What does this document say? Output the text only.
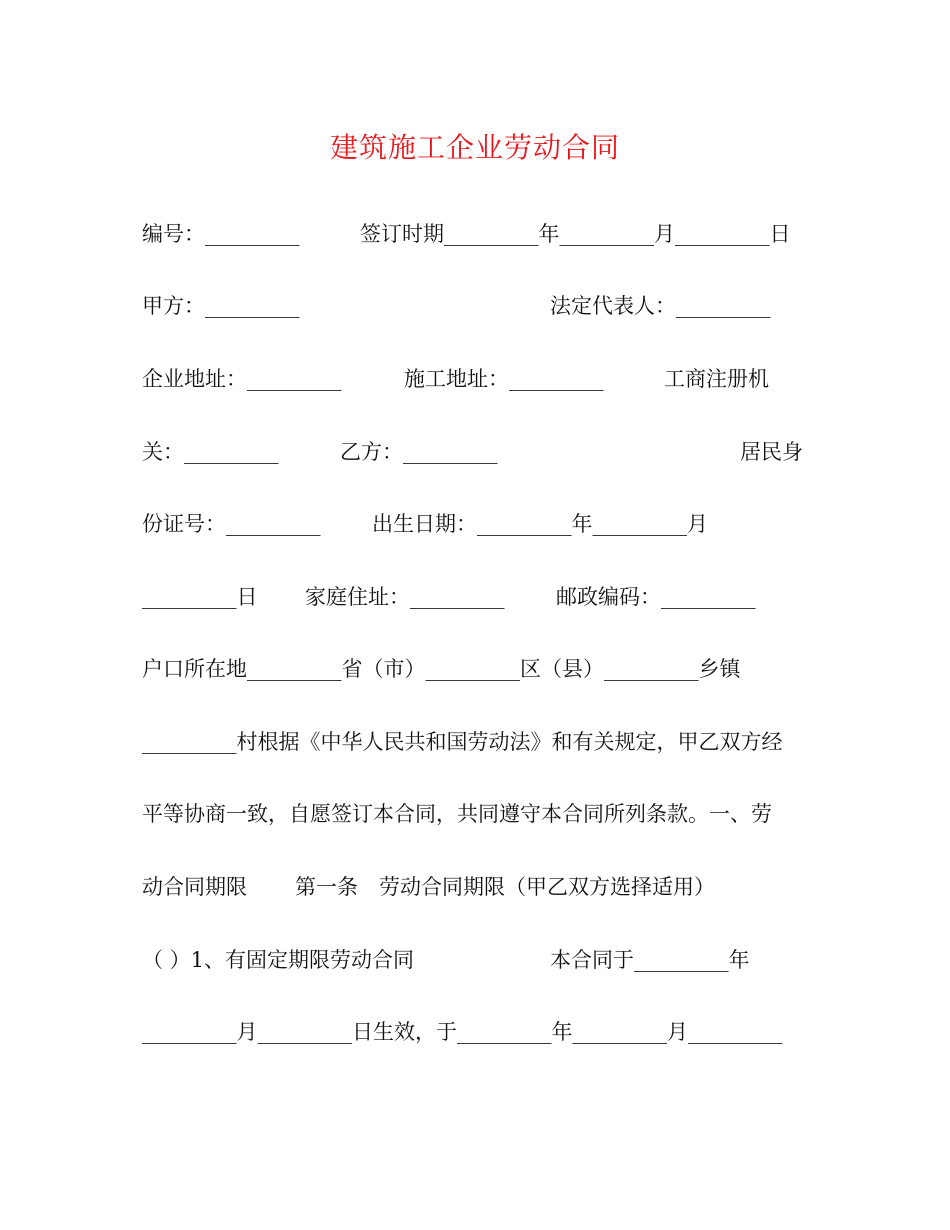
建筑施工企业劳动合同
编号：_________	签订时期_________年_________月_________日
甲方：_________	法定代表人：_________
企业地址：_________	施工地址：_________	工商注册机
关：_________	乙方：_________	居民身
份证号：_________ 出生日期：_________年_________月
_________日 家庭住址：_________ 邮政编码：_________
户口所在地_________省（市）_________区（县）_________乡镇
_________村根据《中华人民共和国劳动法》和有关规定，甲乙双方经
平等协商一致，自愿签订本合同，共同遵守本合同所列条款。一、劳
动合同期限 第一条　劳动合同期限（甲乙双方选择适用）
（ ）1、有固定期限劳动合同	本合同于_________年
_________月_________日生效，于_________年_________月_________
